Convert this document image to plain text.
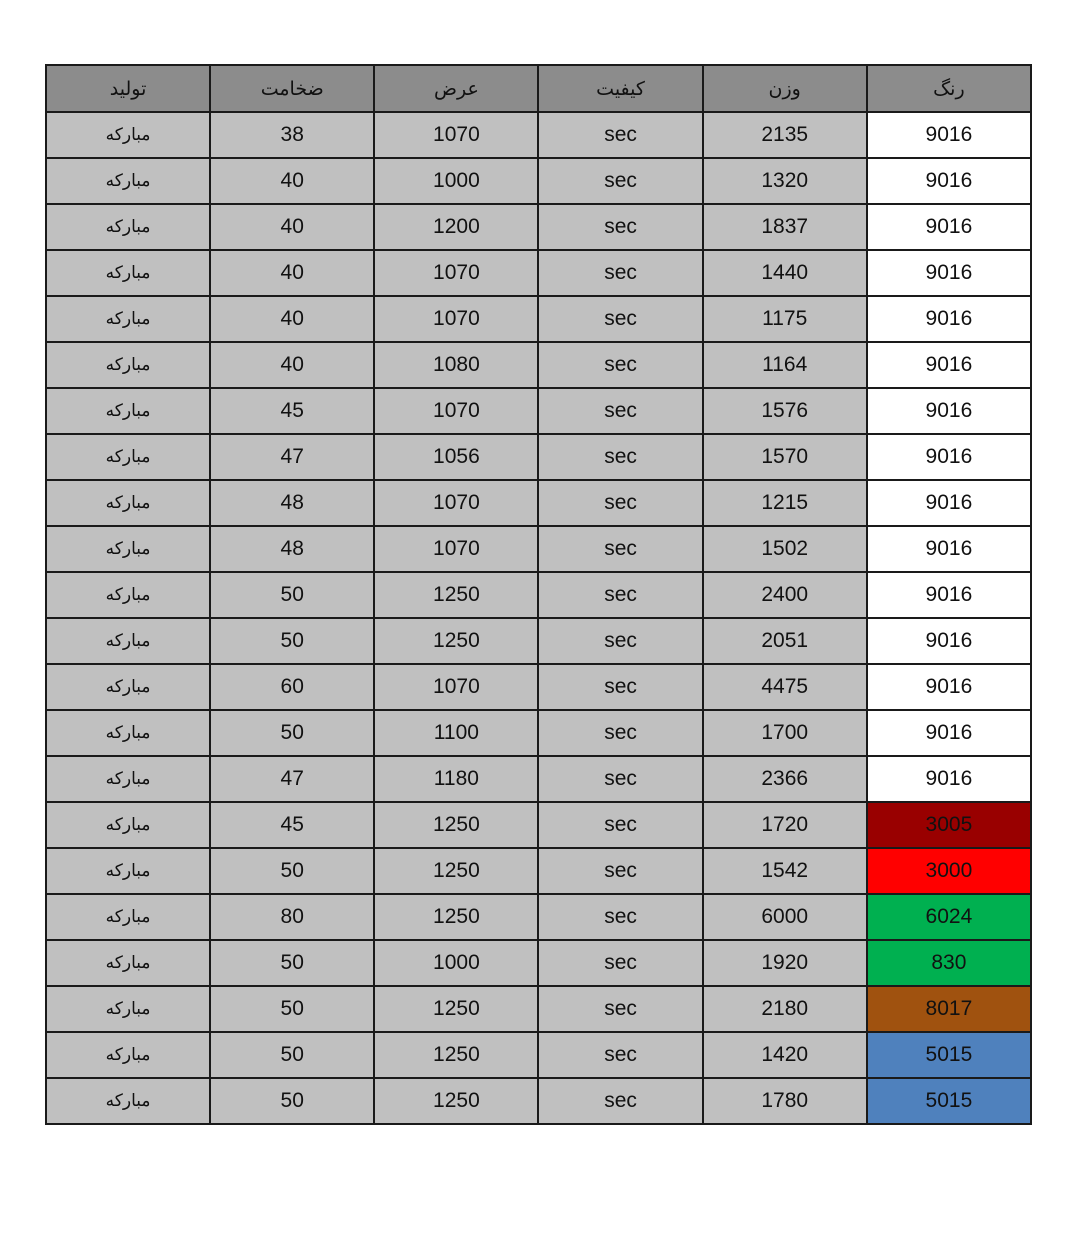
تولید	ضخامت	عرض	کیفیت	وزن	رنگ
مبارکه	38	1070	sec	2135	9016
مبارکه	40	1000	sec	1320	9016
مبارکه	40	1200	sec	1837	9016
مبارکه	40	1070	sec	1440	9016
مبارکه	40	1070	sec	1175	9016
مبارکه	40	1080	sec	1164	9016
مبارکه	45	1070	sec	1576	9016
مبارکه	47	1056	sec	1570	9016
مبارکه	48	1070	sec	1215	9016
مبارکه	48	1070	sec	1502	9016
مبارکه	50	1250	sec	2400	9016
مبارکه	50	1250	sec	2051	9016
مبارکه	60	1070	sec	4475	9016
مبارکه	50	1100	sec	1700	9016
مبارکه	47	1180	sec	2366	9016
مبارکه	45	1250	sec	1720	3005
مبارکه	50	1250	sec	1542	3000
مبارکه	80	1250	sec	6000	6024
مبارکه	50	1000	sec	1920	830
مبارکه	50	1250	sec	2180	8017
مبارکه	50	1250	sec	1420	5015
مبارکه	50	1250	sec	1780	5015
